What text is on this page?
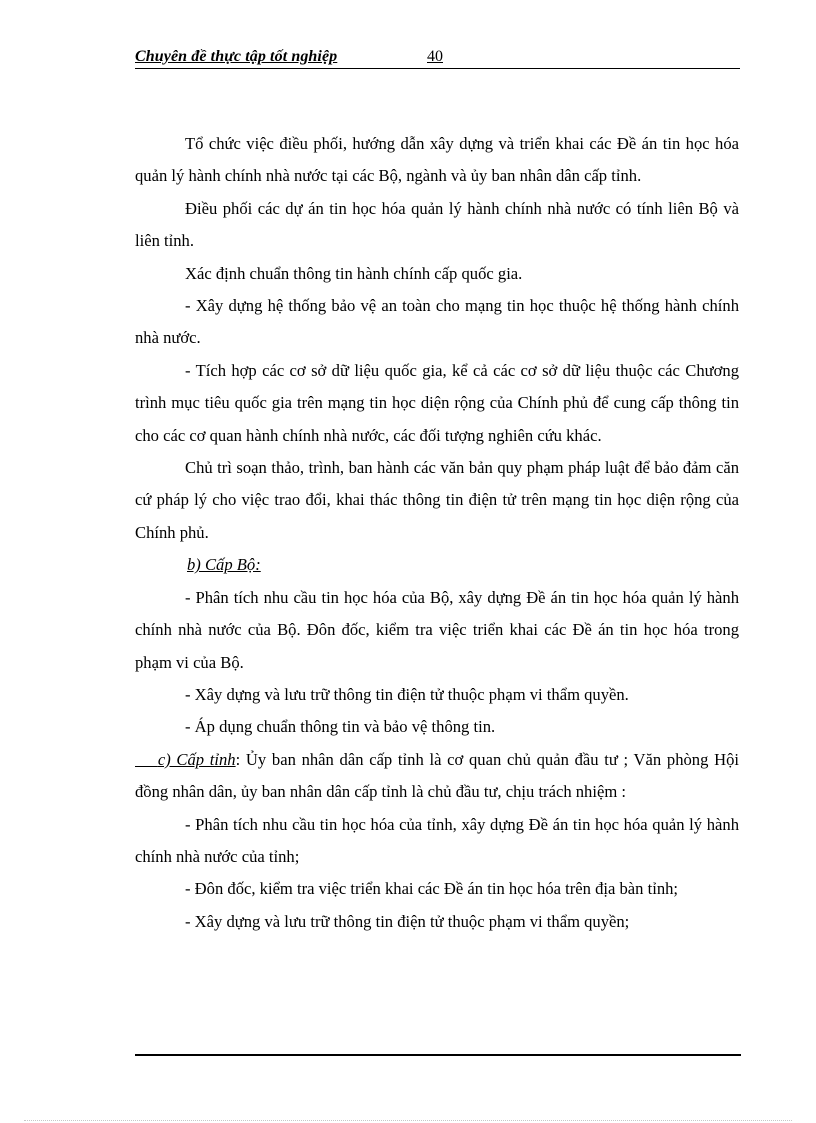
Chuyên đề thực tập tốt nghiệp	40

Tổ chức việc điều phối, hướng dẫn xây dựng và triển khai các Đề án tin học hóa quản lý hành chính nhà nước tại các Bộ, ngành và ủy ban nhân dân cấp tỉnh.

Điều phối các dự án tin học hóa quản lý hành chính nhà nước có tính liên Bộ và liên tỉnh.

Xác định chuẩn thông tin hành chính cấp quốc gia.

- Xây dựng hệ thống bảo vệ an toàn cho mạng tin học thuộc hệ thống hành chính nhà nước.

- Tích hợp các cơ sở dữ liệu quốc gia, kể cả các cơ sở dữ liệu thuộc các Chương trình mục tiêu quốc gia trên mạng tin học diện rộng của Chính phủ để cung cấp thông tin cho các cơ quan hành chính nhà nước, các đối tượng nghiên cứu khác.

Chủ trì soạn thảo, trình, ban hành các văn bản quy phạm pháp luật để bảo đảm căn cứ pháp lý cho việc trao đổi, khai thác thông tin điện tử trên mạng tin học diện rộng của Chính phủ.

b) Cấp Bộ:

- Phân tích nhu cầu tin học hóa của Bộ, xây dựng Đề án tin học hóa quản lý hành chính nhà nước của Bộ. Đôn đốc, kiểm tra việc triển khai các Đề án tin học hóa trong phạm vi của Bộ.

- Xây dựng và lưu trữ thông tin điện tử thuộc phạm vi thẩm quyền.

- Áp dụng chuẩn thông tin và bảo vệ thông tin.

c) Cấp tỉnh: Ủy ban nhân dân cấp tỉnh là cơ quan chủ quản đầu tư ; Văn phòng Hội đồng nhân dân, ủy ban nhân dân cấp tỉnh là chủ đầu tư, chịu trách nhiệm :

- Phân tích nhu cầu tin học hóa của tỉnh, xây dựng Đề án tin học hóa quản lý hành chính nhà nước của tỉnh;

- Đôn đốc, kiểm tra việc triển khai các Đề án tin học hóa trên địa bàn tỉnh;

- Xây dựng và lưu trữ thông tin điện tử thuộc phạm vi thẩm quyền;
